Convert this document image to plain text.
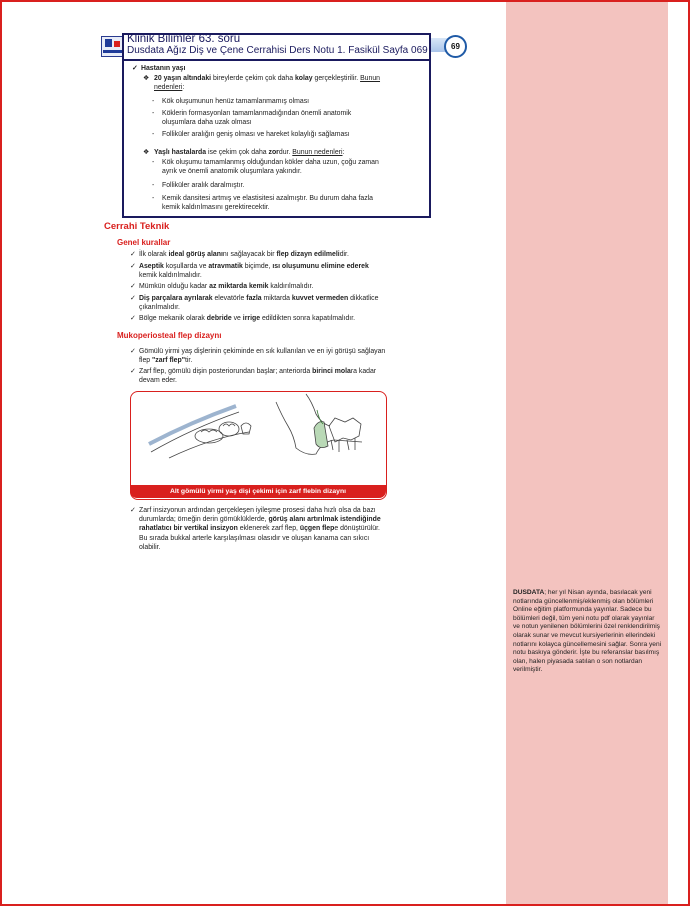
69
Klinik Bilimler 63. soru
Dusdata Ağız Diş ve Çene Cerrahisi Ders Notu 1. Fasikül Sayfa 069
✓ Hastanın yaşı
❖ 20 yaşın altındaki bireylerde çekim çok daha kolay gerçekleştirilir. Bunun nedenleri:
- Kök oluşumunun henüz tamamlanmamış olması
- Köklerin formasyonları tamamlanmadığından önemli anatomik oluşumlara daha uzak olması
- Folliküler aralığın geniş olması ve hareket kolaylığı sağlaması
❖ Yaşlı hastalarda ise çekim çok daha zordur. Bunun nedenleri:
- Kök oluşumu tamamlanmış olduğundan kökler daha uzun, çoğu zaman ayrık ve önemli anatomik oluşumlara yakındır.
- Folliküler aralık daralmıştır.
- Kemik dansitesi artmış ve elastisitesi azalmıştır. Bu durum daha fazla kemik kaldırılmasını gerektirecektir.
Cerrahi Teknik
Genel kurallar
✓ İlk olarak ideal görüş alanını sağlayacak bir flep dizayn edilmelidir.
✓ Aseptik koşullarda ve atravmatik biçimde, ısı oluşumunu elimine ederek kemik kaldırılmalıdır.
✓ Mümkün olduğu kadar az miktarda kemik kaldırılmalıdır.
✓ Diş parçalara ayrılarak elevatörle fazla miktarda kuvvet vermeden dikkatlice çıkarılmalıdır.
✓ Bölge mekanik olarak debride ve irrige edildikten sonra kapatılmalıdır.
Mukoperiosteal flep dizaynı
✓ Gömülü yirmi yaş dişlerinin çekiminde en sık kullanılan ve en iyi görüşü sağlayan flep "zarf flep"tir.
✓ Zarf flep, gömülü dişin posteriorundan başlar; anteriorda birinci molara kadar devam eder.
Alt gömülü yirmi yaş dişi çekimi için zarf flebin dizaynı
✓ Zarf insizyonun ardından gerçekleşen iyileşme prosesi daha hızlı olsa da bazı durumlarda; örneğin derin gömüklüklerde, görüş alanı artırılmak istendiğinde rahatlatıcı bir vertikal insizyon eklenerek zarf flep, üçgen flepe dönüştürülür. Bu sırada bukkal arterle karşılaşılması olasıdır ve oluşan kanama can sıkıcı olabilir.
DUSDATA; her yıl Nisan ayında, basılacak yeni notlarında güncellenmiş/eklenmiş olan bölümleri Online eğitim platformunda yayınlar. Sadece bu bölümleri değil, tüm yeni notu pdf olarak yayınlar ve notun yenilenen bölümlerini özel renklendirilmiş olarak sunar ve mevcut kursiyerlerinin ellerindeki notlarını kolayca güncellemesini sağlar. Sonra yeni notu baskıya gönderir. İşte bu referanslar basılmış olan, halen piyasada satılan o son notlardan verilmiştir.
